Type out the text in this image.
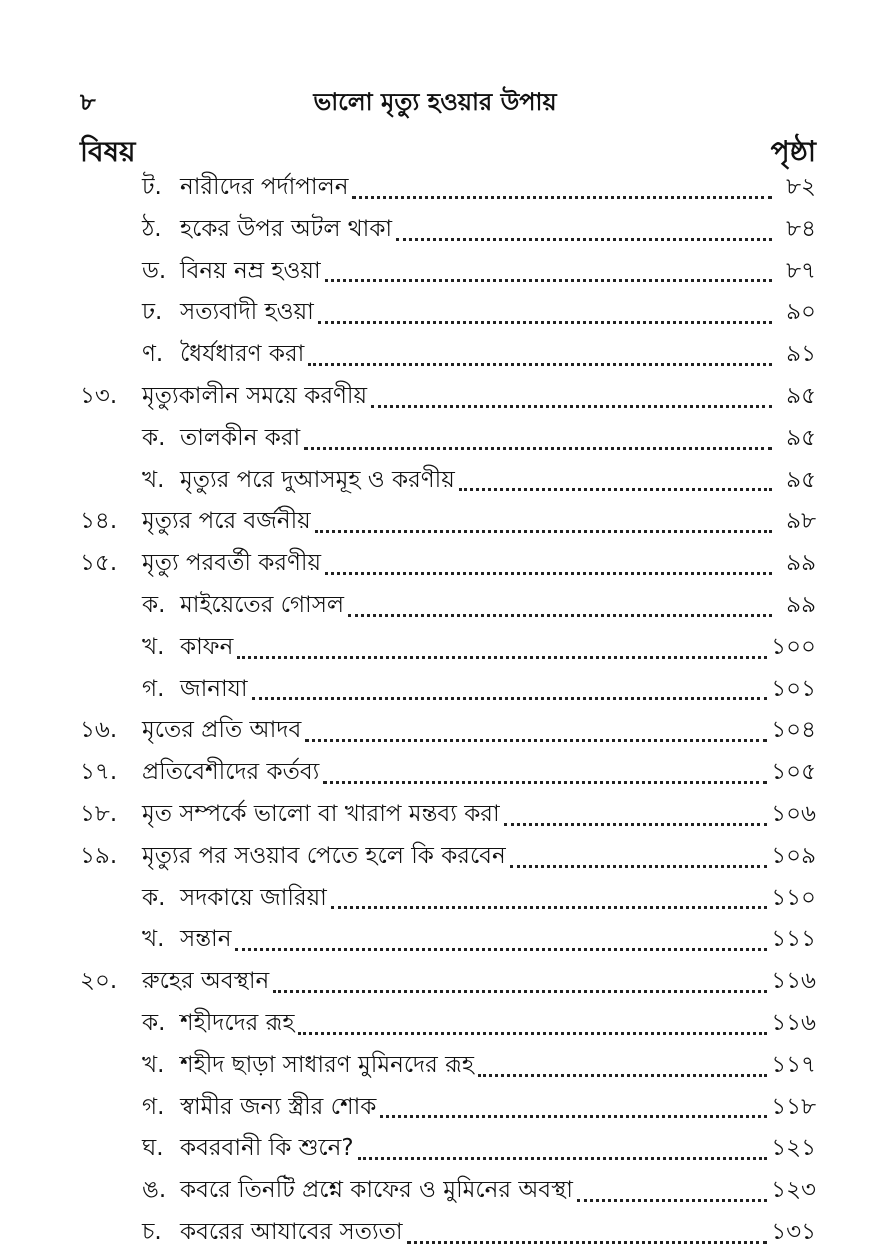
৮	ভালো মৃত্যু হওয়ার উপায়
বিষয়	পৃষ্ঠা
ট. নারীদের পর্দাপালন	৮২
ঠ. হকের উপর অটল থাকা	৮৪
ড. বিনয় নম্র হওয়া	৮৭
ঢ. সত্যবাদী হওয়া	৯০
ণ. ধৈর্যধারণ করা	৯১
১৩.	মৃত্যুকালীন সময়ে করণীয়	৯৫
ক. তালকীন করা	৯৫
খ. মৃত্যুর পরে দুআসমূহ ও করণীয়	৯৫
১৪.	মৃত্যুর পরে বর্জনীয়	৯৮
১৫.	মৃত্যু পরবর্তী করণীয়	৯৯
ক. মাইয়েতের গোসল	৯৯
খ. কাফন	১০০
গ. জানাযা	১০১
১৬.	মৃতের প্রতি আদব	১০৪
১৭.	প্রতিবেশীদের কর্তব্য	১০৫
১৮.	মৃত সম্পর্কে ভালো বা খারাপ মন্তব্য করা	১০৬
১৯.	মৃত্যুর পর সওয়াব পেতে হলে কি করবেন	১০৯
ক. সদকায়ে জারিয়া	১১০
খ. সন্তান	১১১
২০.	রুহের অবস্থান	১১৬
ক. শহীদদের রূহ	১১৬
খ. শহীদ ছাড়া সাধারণ মুমিনদের রূহ	১১৭
গ. স্বামীর জন্য স্ত্রীর শোক	১১৮
ঘ. কবরবানী কি শুনে?	১২১
ঙ. কবরে তিনটি প্রশ্নে কাফের ও মুমিনের অবস্থা	১২৩
চ. কবরের আযাবের সত্যতা	১৩১
